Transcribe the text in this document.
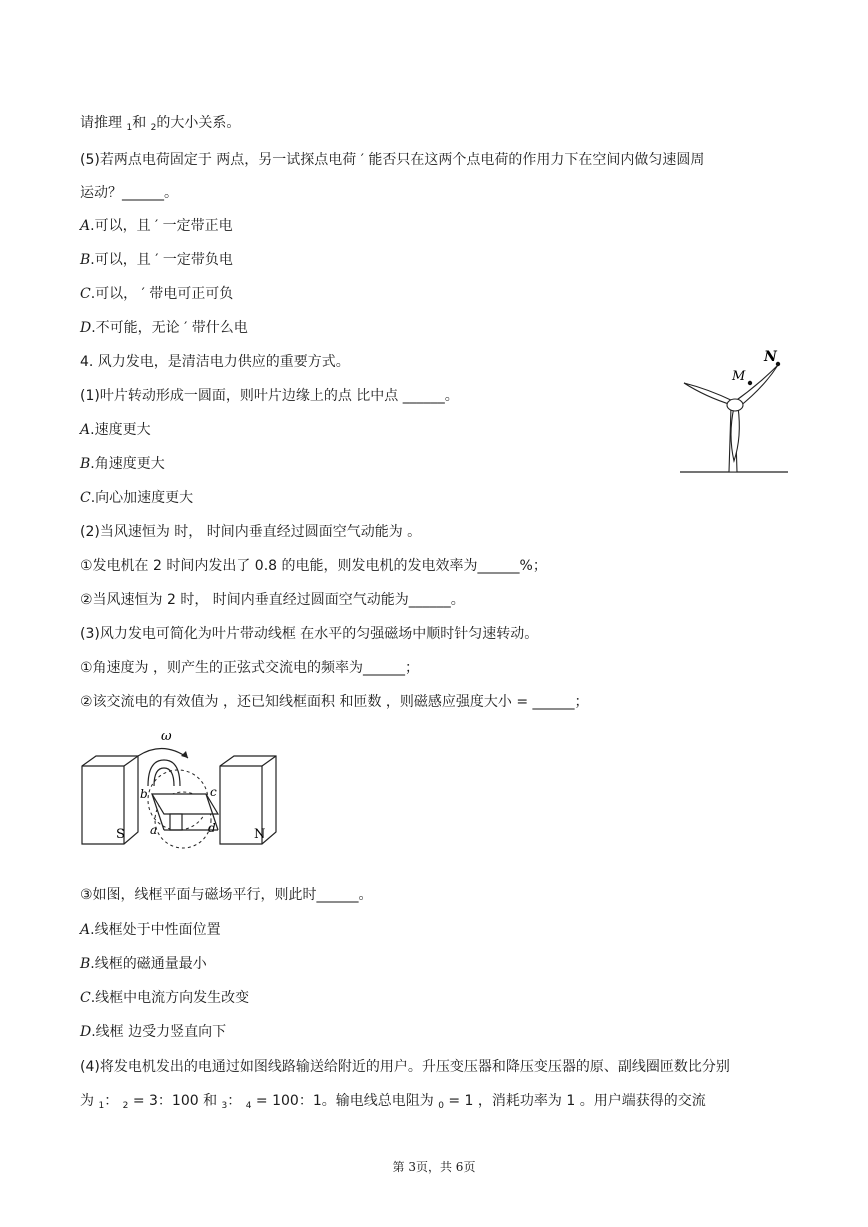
请推理 $_1$和 $_2$的大小关系。
(5)若两点电荷固定于 两点，另一试探点电荷 ′ 能否只在这两个点电荷的作用力下在空间内做匀速圆周
运动？______。
A.可以，且 ′ 一定带正电
B.可以，且 ′ 一定带负电
C.可以， ′ 带电可正可负
D.不可能，无论 ′ 带什么电
4. 风力发电，是清洁电力供应的重要方式。
(1)叶片转动形成一圆面，则叶片边缘上的点 比中点 ______。
A.速度更大
B.角速度更大
C.向心加速度更大
(2)当风速恒为 时， 时间内垂直经过圆面空气动能为 。
①发电机在 2 时间内发出了 0.8 的电能，则发电机的发电效率为______%；
②当风速恒为 2 时， 时间内垂直经过圆面空气动能为______。
(3)风力发电可简化为叶片带动线框 在水平的匀强磁场中顺时针匀速转动。
①角速度为 ，则产生的正弦式交流电的频率为______；
②该交流电的有效值为 ，还已知线框面积 和匝数 ，则磁感应强度大小 = ______；
③如图，线框平面与磁场平行，则此时______。
A.线框处于中性面位置
B.线框的磁通量最小
C.线框中电流方向发生改变
D.线框 边受力竖直向下
(4)将发电机发出的电通过如图线路输送给附近的用户。升压变压器和降压变压器的原、副线圈匝数比分别
为 $_1$： $_2$ = 3：100 和 $_3$： $_4$ = 100：1。输电线总电阻为 $_0$ = 1 ，消耗功率为 1 。用户端获得的交流
N
M
ω
S	N
b	c
a	d
第 3页，共 6页
